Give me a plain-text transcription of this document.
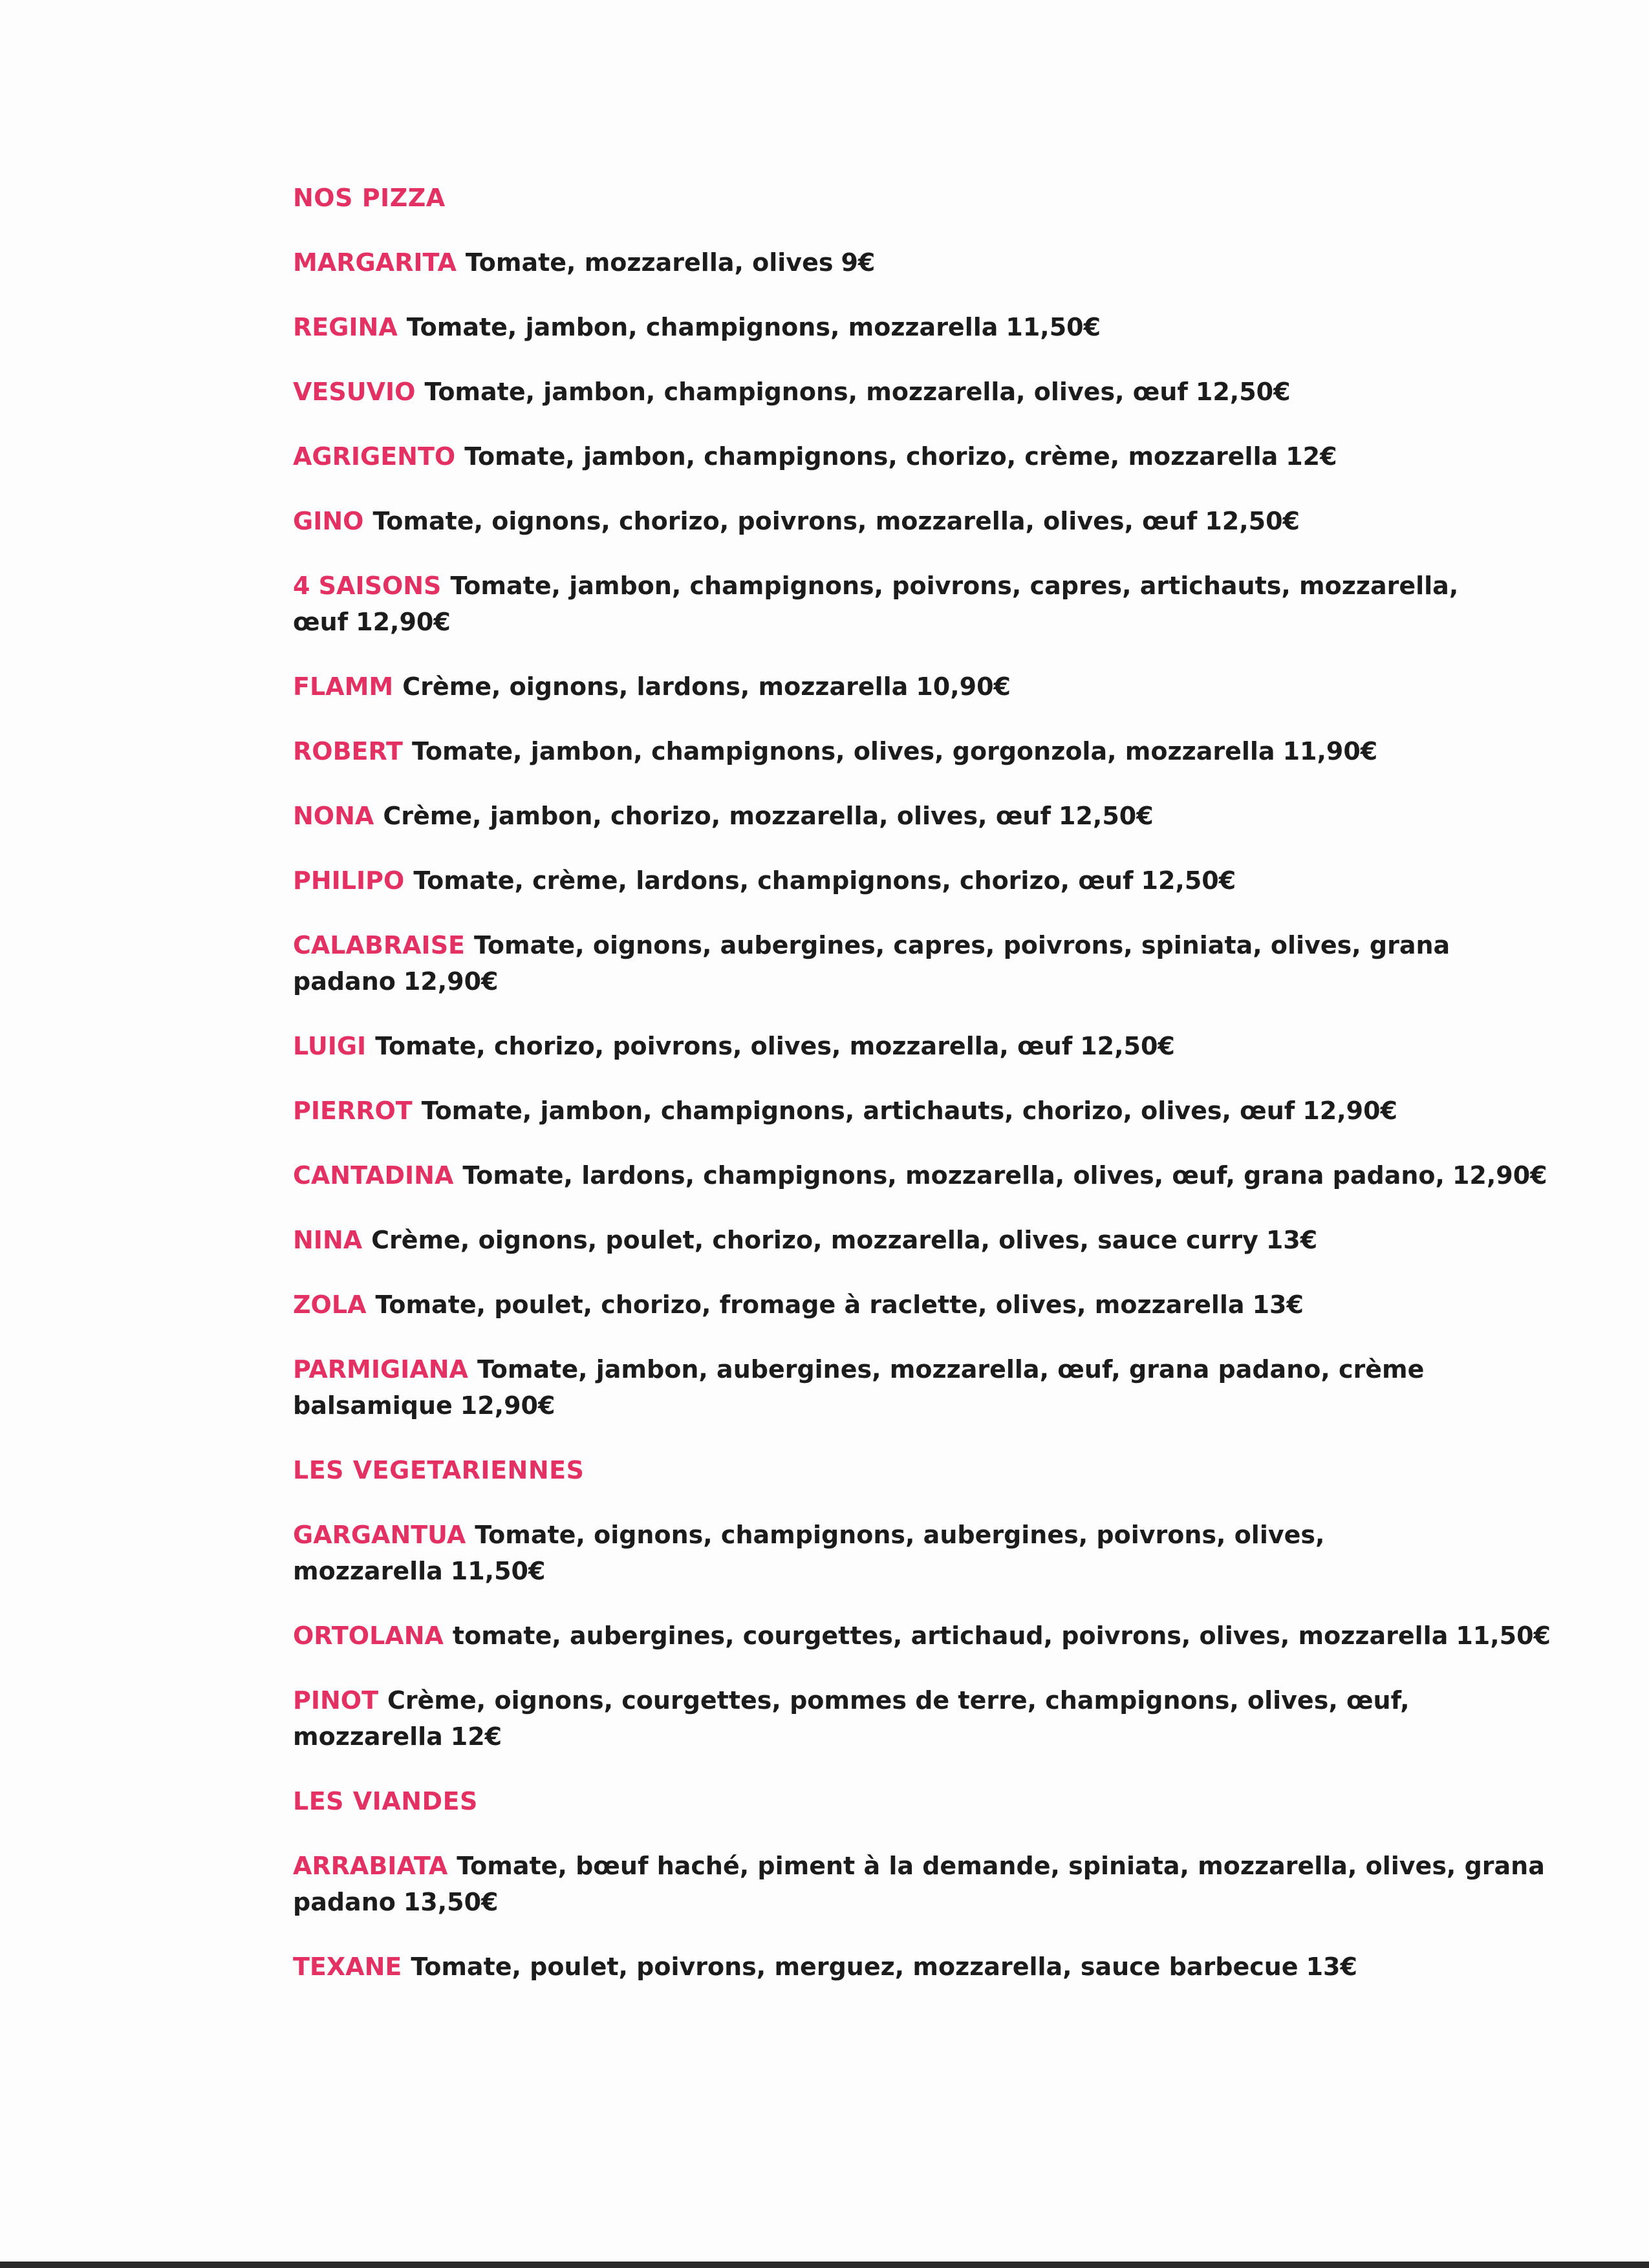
NOS PIZZA
MARGARITA Tomate, mozzarella, olives 9€
REGINA Tomate, jambon, champignons, mozzarella 11,50€
VESUVIO Tomate, jambon, champignons, mozzarella, olives, œuf 12,50€
AGRIGENTO Tomate, jambon, champignons, chorizo, crème, mozzarella 12€
GINO Tomate, oignons, chorizo, poivrons, mozzarella, olives, œuf 12,50€
4 SAISONS Tomate, jambon, champignons, poivrons, capres, artichauts, mozzarella, œuf 12,90€
FLAMM Crème, oignons, lardons, mozzarella 10,90€
ROBERT Tomate, jambon, champignons, olives, gorgonzola, mozzarella 11,90€
NONA Crème, jambon, chorizo, mozzarella, olives, œuf 12,50€
PHILIPO Tomate, crème, lardons, champignons, chorizo, œuf 12,50€
CALABRAISE Tomate, oignons, aubergines, capres, poivrons, spiniata, olives, grana padano 12,90€
LUIGI Tomate, chorizo, poivrons, olives, mozzarella, œuf 12,50€
PIERROT Tomate, jambon, champignons, artichauts, chorizo, olives, œuf 12,90€
CANTADINA Tomate, lardons, champignons, mozzarella, olives, œuf, grana padano, 12,90€
NINA Crème, oignons, poulet, chorizo, mozzarella, olives, sauce curry 13€
ZOLA Tomate, poulet, chorizo, fromage à raclette, olives, mozzarella 13€
PARMIGIANA Tomate, jambon, aubergines, mozzarella, œuf, grana padano, crème balsamique 12,90€
LES VEGETARIENNES
GARGANTUA Tomate, oignons, champignons, aubergines, poivrons, olives, mozzarella 11,50€
ORTOLANA tomate, aubergines, courgettes, artichaud, poivrons, olives, mozzarella 11,50€
PINOT Crème, oignons, courgettes, pommes de terre, champignons, olives, œuf, mozzarella 12€
LES VIANDES
ARRABIATA Tomate, bœuf haché, piment à la demande, spiniata, mozzarella, olives, grana padano 13,50€
TEXANE Tomate, poulet, poivrons, merguez, mozzarella, sauce barbecue 13€
